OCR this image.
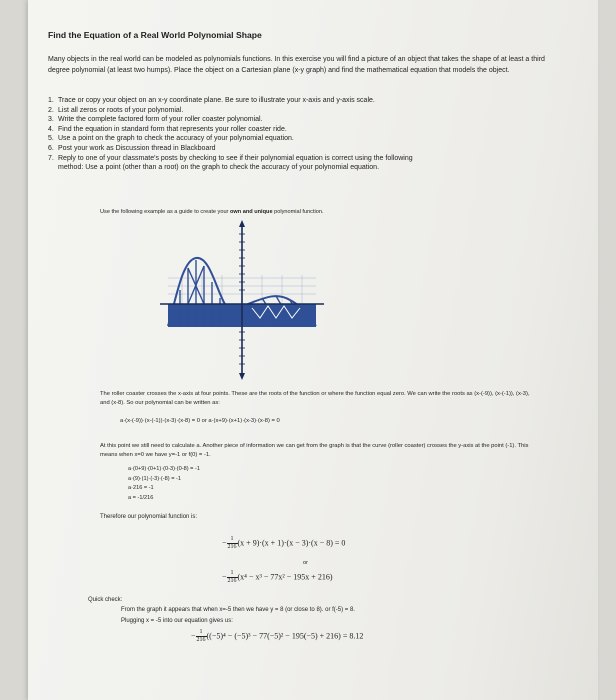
Find the Equation of a Real World Polynomial Shape
Many objects in the real world can be modeled as polynomials functions. In this exercise you will find a picture of an object that takes the shape of at least a third degree polynomial (at least two humps). Place the object on a Cartesian plane (x-y graph) and find the mathematical equation that models the object.
1. Trace or copy your object on an x-y coordinate plane. Be sure to illustrate your x-axis and y-axis scale.
2. List all zeros or roots of your polynomial.
3. Write the complete factored form of your roller coaster polynomial.
4. Find the equation in standard form that represents your roller coaster ride.
5. Use a point on the graph to check the accuracy of your polynomial equation.
6. Post your work as Discussion thread in Blackboard
7. Reply to one of your classmate's posts by checking to see if their polynomial equation is correct using the following
method: Use a point (other than a root) on the graph to check the accuracy of your polynomial equation.
Use the following example as a guide to create your own and unique polynomial function.
The roller coaster crosses the x-axis at four points. These are the roots of the function or where the function equal zero. We can write the roots as (x-(-9)), (x-(-1)), (x-3), and (x-8). So our polynomial can be written as:
a·(x-(-9))·(x-(-1))·(x-3)·(x-8) = 0 or a·(x+9)·(x+1)·(x-3)·(x-8) = 0
At this point we still need to calculate a. Another piece of information we can get from the graph is that the curve (roller coaster) crosses the y-axis at the point (-1). This means when x=0 we have y=-1 or f(0) = -1.
a·(0+9)·(0+1)·(0-3)·(0-8) = -1
a·(9)·(1)·(-3)·(-8) = -1
a·216 = -1
a = -1/216
Therefore our polynomial function is:
− $\frac{1}{216} (x + 9)\cdot(x + 1)\cdot(x - 3)\cdot(x - 8) = 0$
or
− $\frac{1}{216} (x^4 - x^3 - 77x^2 - 195x + 216)$
Quick check:
From the graph it appears that when x=-5 then we have y = 8 (or close to 8). or f(-5) = 8.
Plugging x = -5 into our equation gives us:
− $\frac{1}{216} ((-5)^4 - (-5)^3 - 77(-5)^2 - 195(-5) + 216) = 8.12$
